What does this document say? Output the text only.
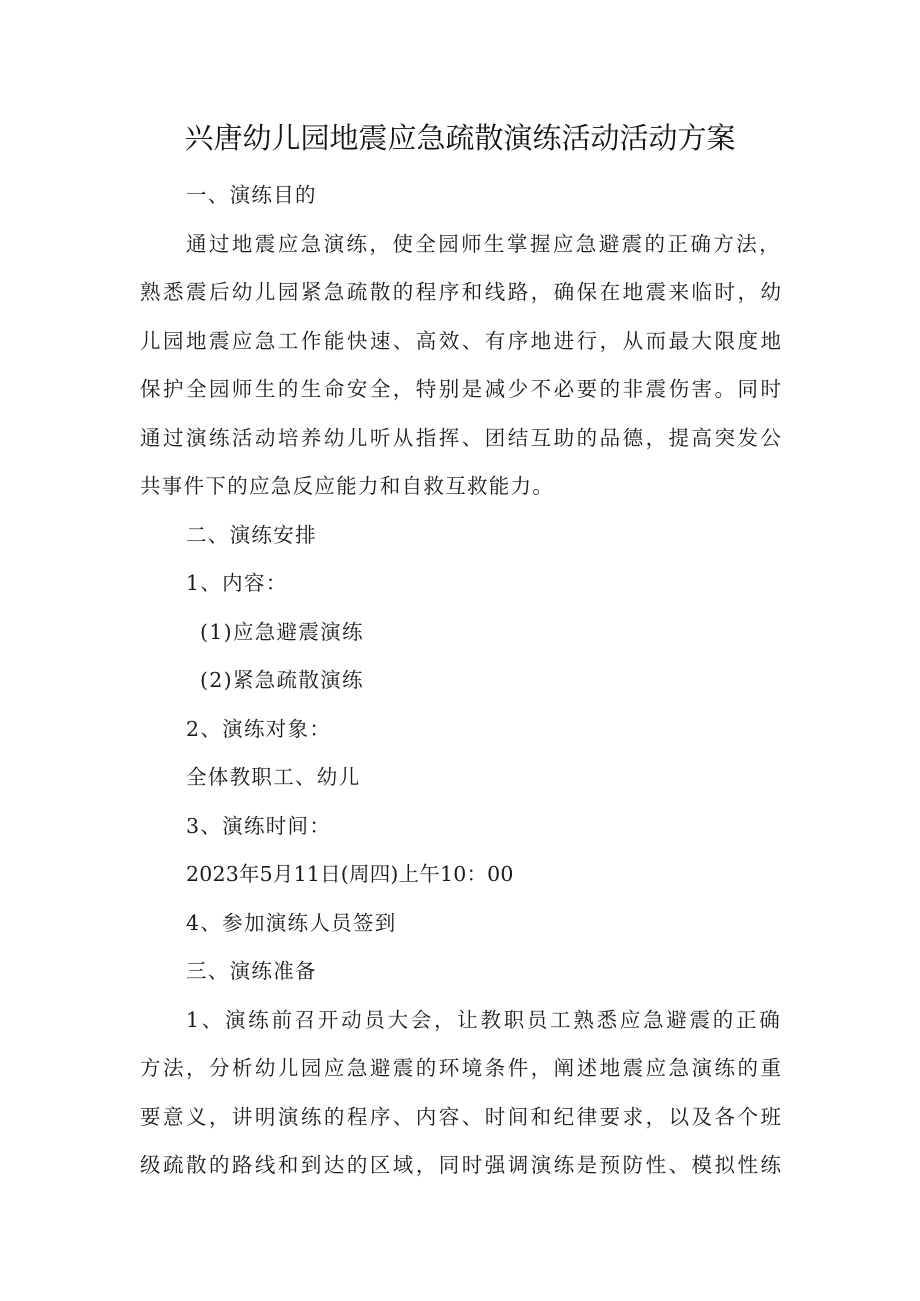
兴唐幼儿园地震应急疏散演练活动活动方案

一、演练目的

通过地震应急演练，使全园师生掌握应急避震的正确方法，

熟悉震后幼儿园紧急疏散的程序和线路，确保在地震来临时，幼

儿园地震应急工作能快速、高效、有序地进行，从而最大限度地

保护全园师生的生命安全，特别是减少不必要的非震伤害。同时

通过演练活动培养幼儿听从指挥、团结互助的品德，提高突发公

共事件下的应急反应能力和自救互救能力。

二、演练安排

1、内容：

(1)应急避震演练

(2)紧急疏散演练

2、演练对象：

全体教职工、幼儿

3、演练时间：

2023年5月11日(周四)上午10：00

4、参加演练人员签到

三、演练准备

1、演练前召开动员大会，让教职员工熟悉应急避震的正确

方法，分析幼儿园应急避震的环境条件，阐述地震应急演练的重

要意义，讲明演练的程序、内容、时间和纪律要求，以及各个班

级疏散的路线和到达的区域，同时强调演练是预防性、模拟性练
